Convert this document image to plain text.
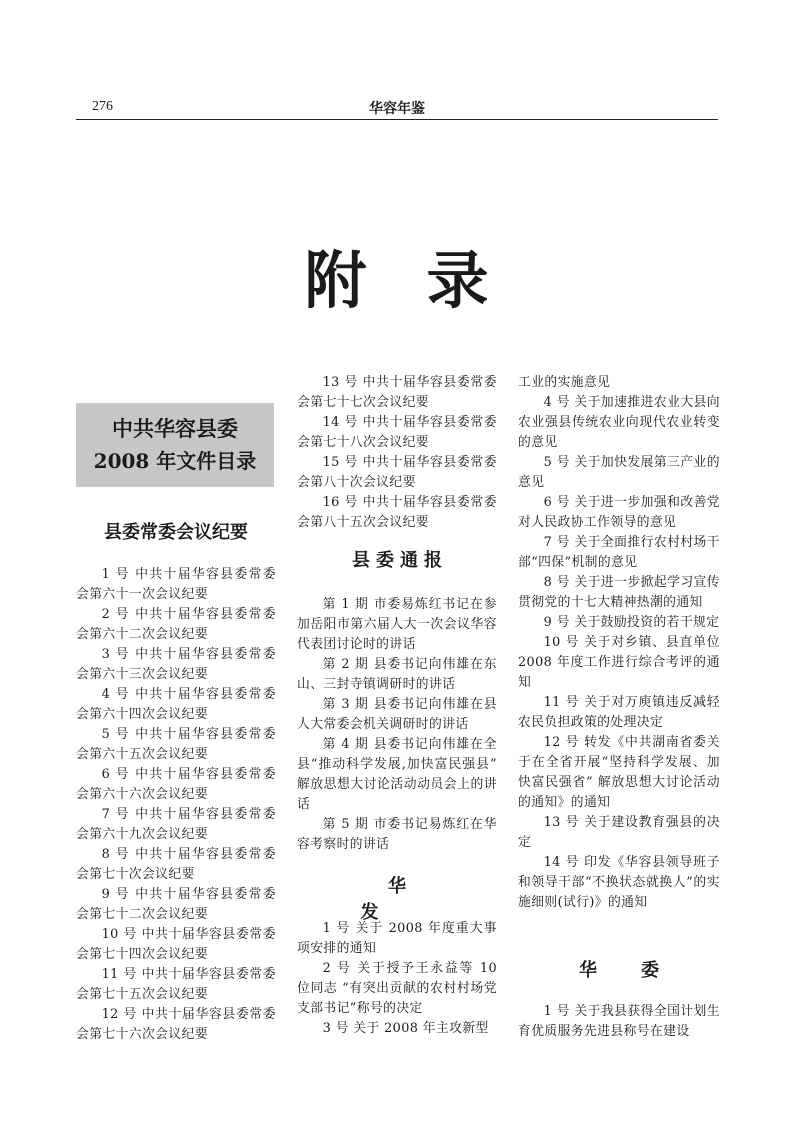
276	华容年鉴
附录
中共华容县委
2008 年文件目录
县委常委会议纪要

1 号 中共十届华容县委常委会第六十一次会议纪要

2 号 中共十届华容县委常委会第六十二次会议纪要

3 号 中共十届华容县委常委会第六十三次会议纪要

4 号 中共十届华容县委常委会第六十四次会议纪要

5 号 中共十届华容县委常委会第六十五次会议纪要

6 号 中共十届华容县委常委会第六十六次会议纪要

7 号 中共十届华容县委常委会第六十九次会议纪要

8 号 中共十届华容县委常委会第七十次会议纪要

9 号 中共十届华容县委常委会第七十二次会议纪要

10 号 中共十届华容县委常委会第七十四次会议纪要

11 号 中共十届华容县委常委会第七十五次会议纪要

12 号 中共十届华容县委常委会第七十六次会议纪要

13 号 中共十届华容县委常委会第七十七次会议纪要

14 号 中共十届华容县委常委会第七十八次会议纪要

15 号 中共十届华容县委常委会第八十次会议纪要

16 号 中共十届华容县委常委会第八十五次会议纪要

县委通报

第 1 期 市委易炼红书记在参加岳阳市第六届人大一次会议华容代表团讨论时的讲话

第 2 期 县委书记向伟雄在东山、三封寺镇调研时的讲话

第 3 期 县委书记向伟雄在县人大常委会机关调研时的讲话

第 4 期 县委书记向伟雄在全县“推动科学发展,加快富民强县” 解放思想大讨论活动动员会上的讲话

第 5 期 市委书记易炼红在华容考察时的讲话

华发

1 号 关于 2008 年度重大事项安排的通知

2 号 关于授予王永益等 10 位同志 “有突出贡献的农村村场党支部书记”称号的决定

3 号 关于 2008 年主攻新型

工业的实施意见

4 号 关于加速推进农业大县向农业强县传统农业向现代农业转变的意见

5 号 关于加快发展第三产业的意见

6 号 关于进一步加强和改善党对人民政协工作领导的意见

7 号 关于全面推行农村村场干部“四保”机制的意见

8 号 关于进一步掀起学习宣传贯彻党的十七大精神热潮的通知

9 号 关于鼓励投资的若干规定

10 号 关于对乡镇、县直单位2008 年度工作进行综合考评的通知

11 号 关于对万庾镇违反减轻农民负担政策的处理决定

12 号 转发《中共湖南省委关于在全省开展“坚持科学发展、加快富民强省” 解放思想大讨论活动的通知》的通知

13 号 关于建设教育强县的决定

14 号 印发《华容县领导班子和领导干部“不换状态就换人”的实施细则(试行)》的通知

华委

1 号 关于我县获得全国计划生育优质服务先进县称号在建设
